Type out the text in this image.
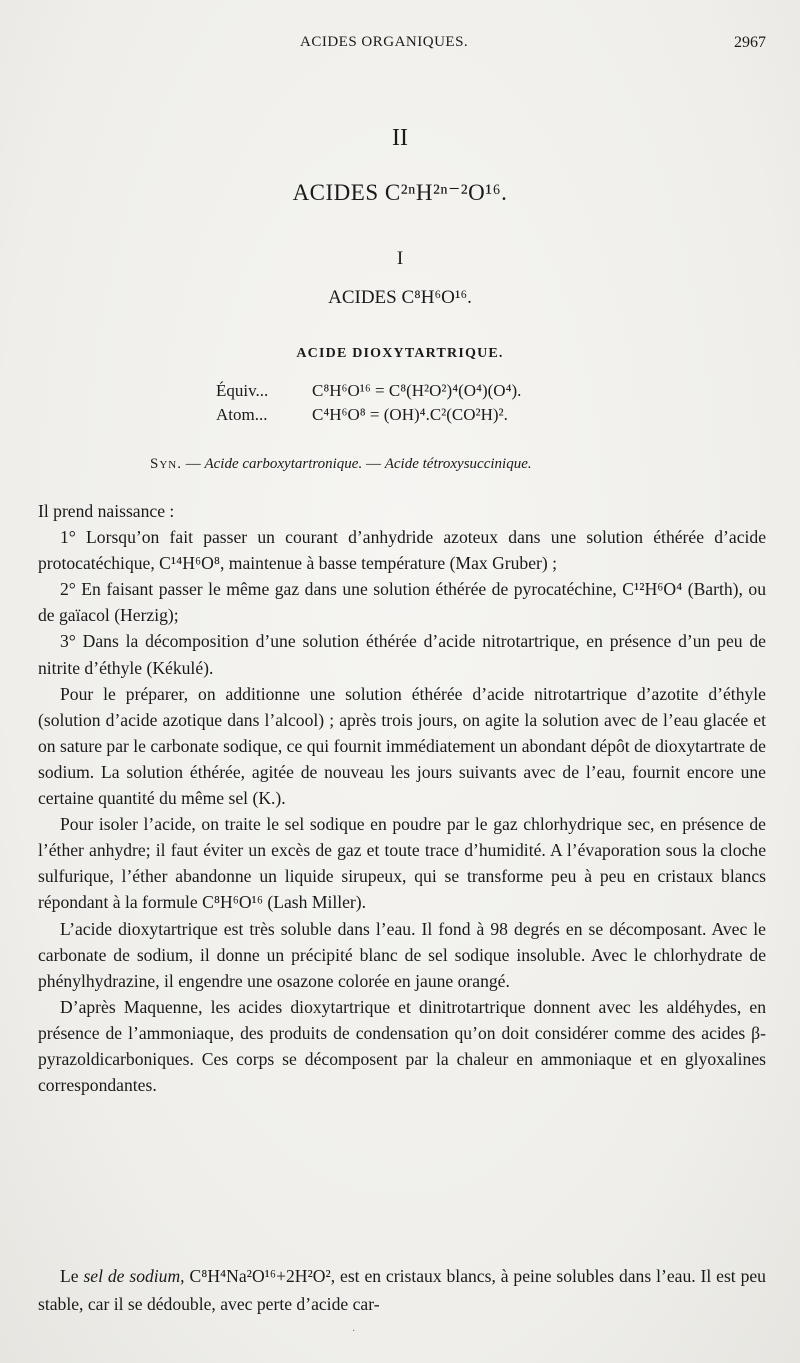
ACIDES ORGANIQUES.	2967
II
ACIDES C²ⁿH²ⁿ⁻²O¹⁶.
I
ACIDES C⁸H⁶O¹⁶.
ACIDE DIOXYTARTRIQUE.
Équiv...	C⁸H⁶O¹⁶ = C⁸(H²O²)⁴(O⁴)(O⁴).
Atom...	C⁴H⁶O⁸ = (OH)⁴.C²(CO²H)².
Syn. — Acide carboxytartronique. — Acide tétroxysuccinique.

Il prend naissance :

1° Lorsqu’on fait passer un courant d’anhydride azoteux dans une solution éthérée d’acide protocatéchique, C¹⁴H⁶O⁸, maintenue à basse température (Max Gruber) ;

2° En faisant passer le même gaz dans une solution éthérée de pyrocatéchine, C¹²H⁶O⁴ (Barth), ou de gaïacol (Herzig);

3° Dans la décomposition d’une solution éthérée d’acide nitrotartrique, en présence d’un peu de nitrite d’éthyle (Kékulé).

Pour le préparer, on additionne une solution éthérée d’acide nitrotartrique d’azotite d’éthyle (solution d’acide azotique dans l’alcool) ; après trois jours, on agite la solution avec de l’eau glacée et on sature par le carbonate sodique, ce qui fournit immédiatement un abondant dépôt de dioxytartrate de sodium. La solution éthérée, agitée de nouveau les jours suivants avec de l’eau, fournit encore une certaine quantité du même sel (K.).

Pour isoler l’acide, on traite le sel sodique en poudre par le gaz chlorhydrique sec, en présence de l’éther anhydre; il faut éviter un excès de gaz et toute trace d’humidité. A l’évaporation sous la cloche sulfurique, l’éther abandonne un liquide sirupeux, qui se transforme peu à peu en cristaux blancs répondant à la formule C⁸H⁶O¹⁶ (Lash Miller).

L’acide dioxytartrique est très soluble dans l’eau. Il fond à 98 degrés en se décomposant. Avec le carbonate de sodium, il donne un précipité blanc de sel sodique insoluble. Avec le chlorhydrate de phénylhydrazine, il engendre une osazone colorée en jaune orangé.

D’après Maquenne, les acides dioxytartrique et dinitrotartrique donnent avec les aldéhydes, en présence de l’ammoniaque, des produits de condensation qu’on doit considérer comme des acides β-pyrazoldicarboniques. Ces corps se décomposent par la chaleur en ammoniaque et en glyoxalines correspondantes.

Le sel de sodium, C⁸H⁴Na²O¹⁶+2H²O², est en cristaux blancs, à peine solubles dans l’eau. Il est peu stable, car il se dédouble, avec perte d’acide car-

·
